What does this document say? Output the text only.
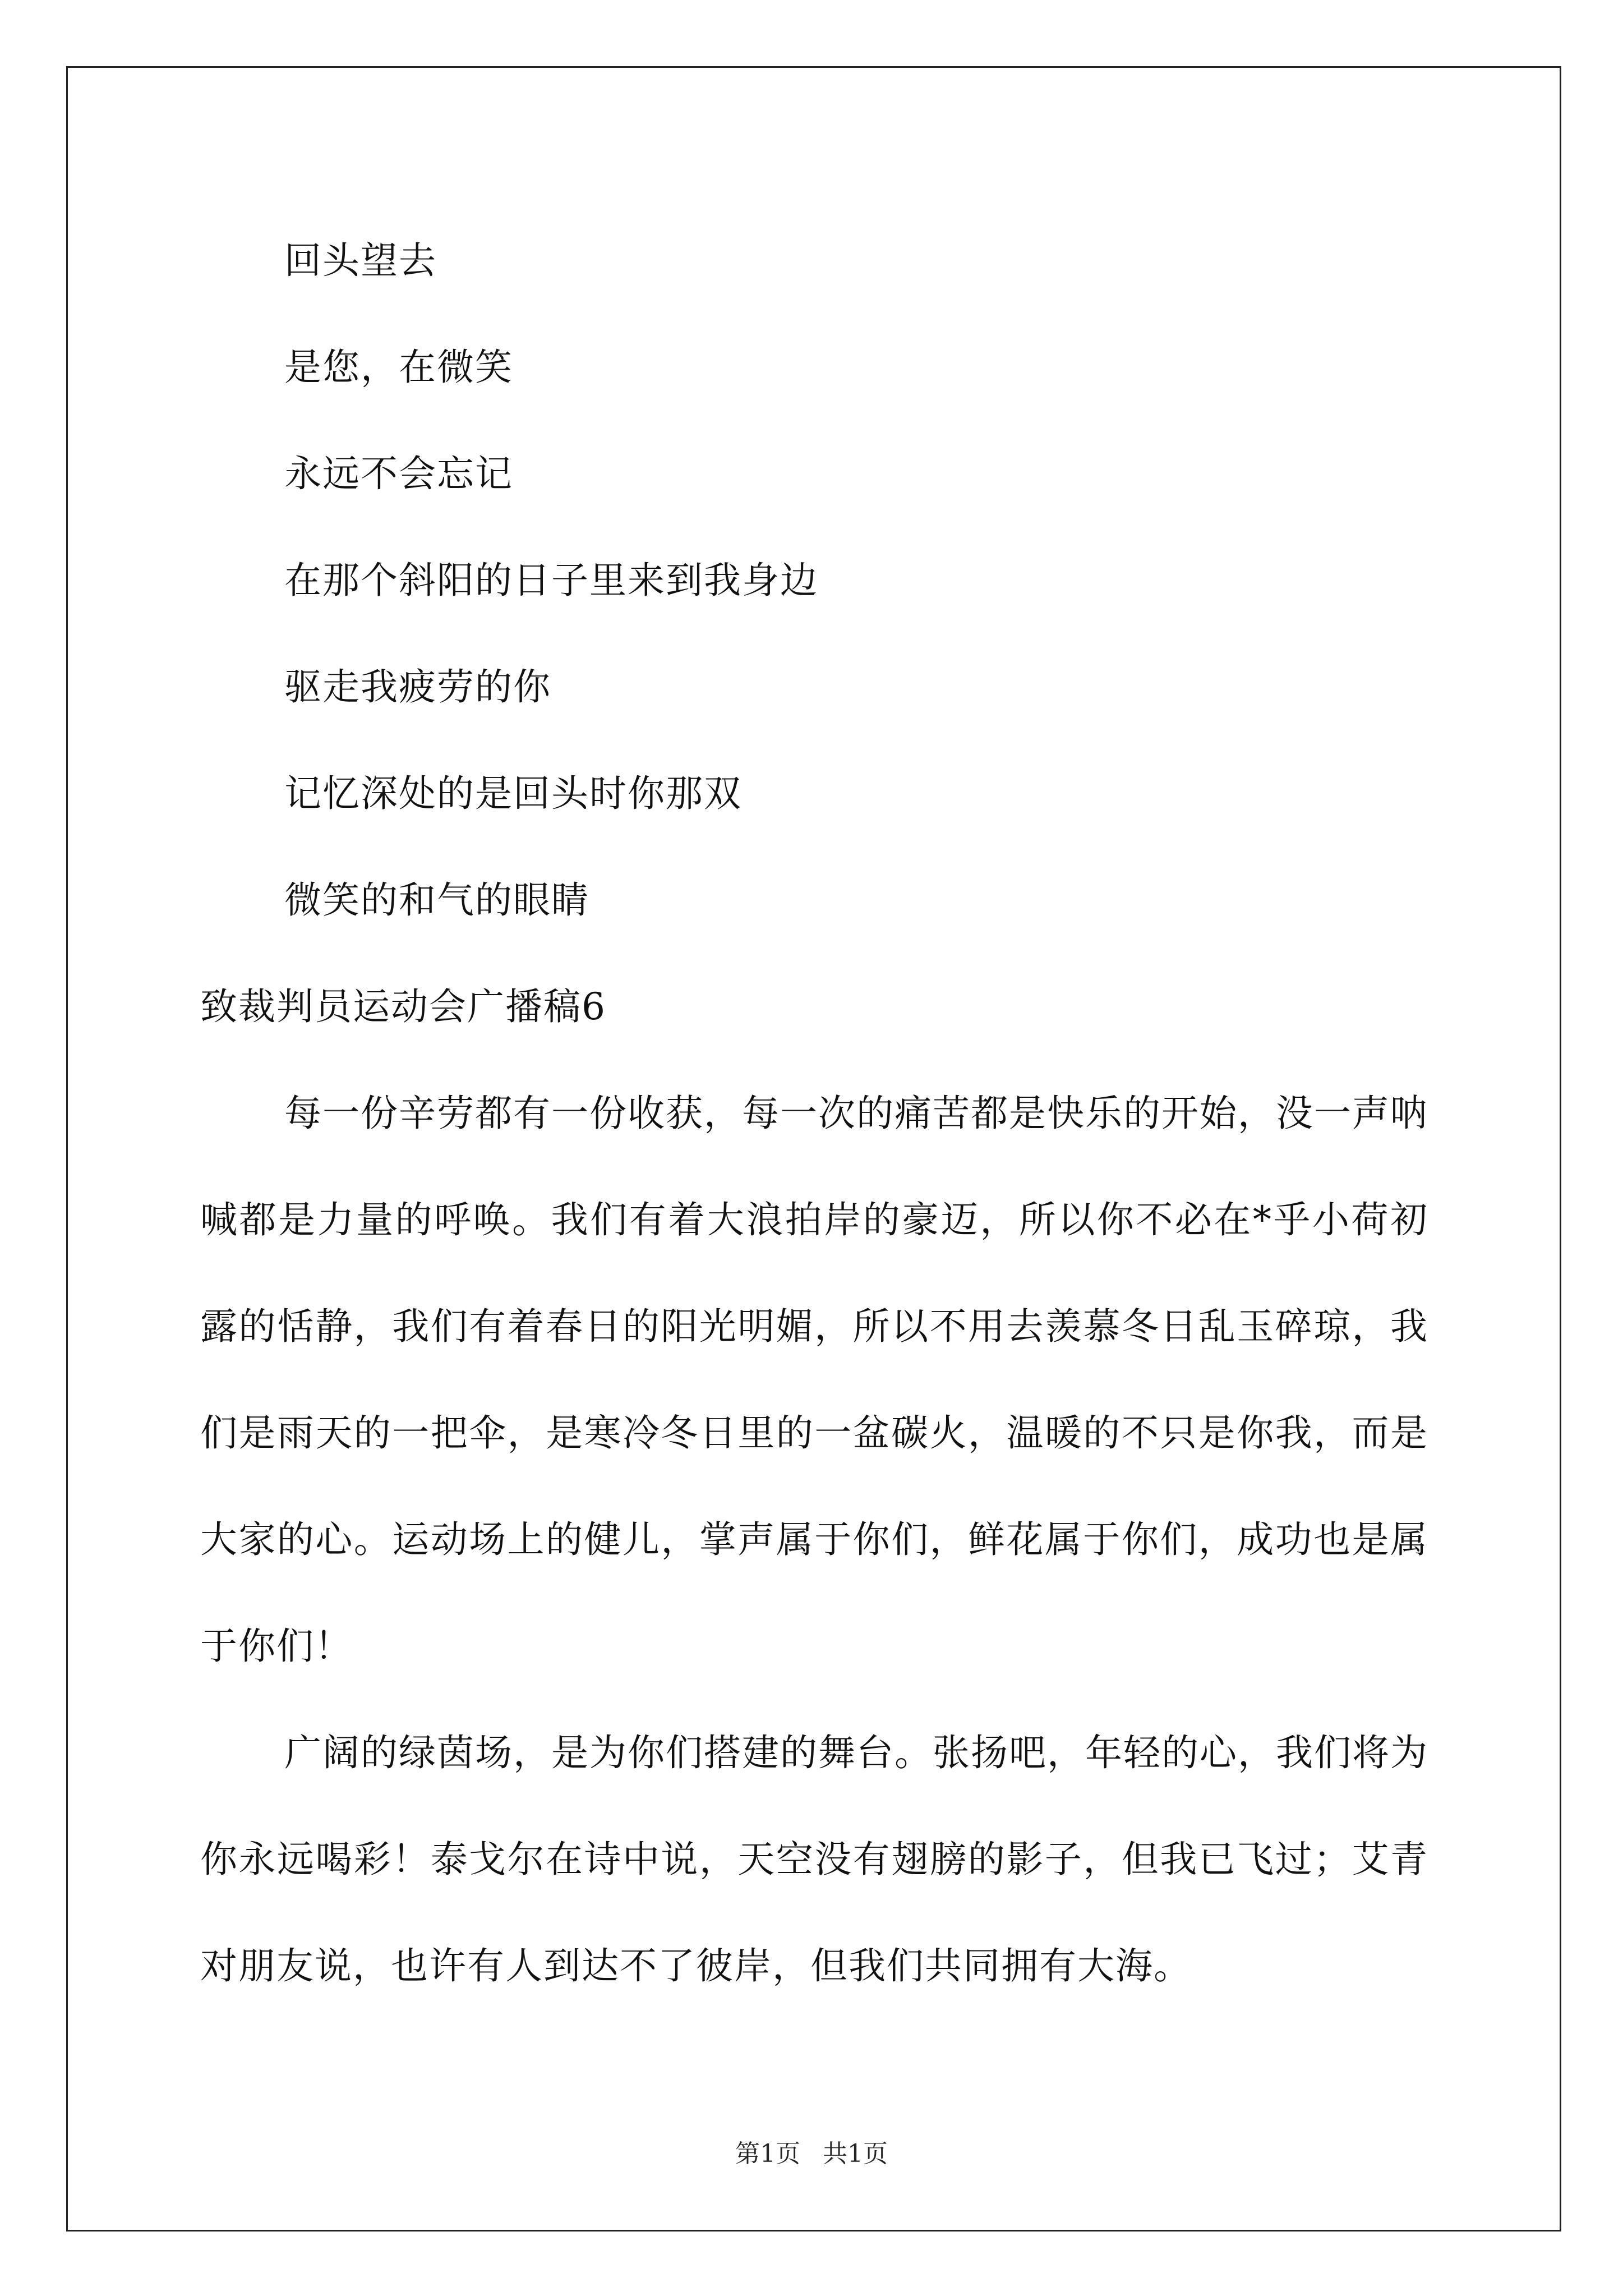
回头望去

是您，在微笑

永远不会忘记

在那个斜阳的日子里来到我身边

驱走我疲劳的你

记忆深处的是回头时你那双

微笑的和气的眼睛

致裁判员运动会广播稿6

每一份辛劳都有一份收获，每一次的痛苦都是快乐的开始，没一声呐喊都是力量的呼唤。我们有着大浪拍岸的豪迈，所以你不必在*乎小荷初露的恬静，我们有着春日的阳光明媚，所以不用去羡慕冬日乱玉碎琼，我们是雨天的一把伞，是寒冷冬日里的一盆碳火，温暖的不只是你我，而是大家的心。运动场上的健儿，掌声属于你们，鲜花属于你们，成功也是属于你们！

广阔的绿茵场，是为你们搭建的舞台。张扬吧，年轻的心，我们将为你永远喝彩！泰戈尔在诗中说，天空没有翅膀的影子，但我已飞过；艾青对朋友说，也许有人到达不了彼岸，但我们共同拥有大海。

第1页 共1页
